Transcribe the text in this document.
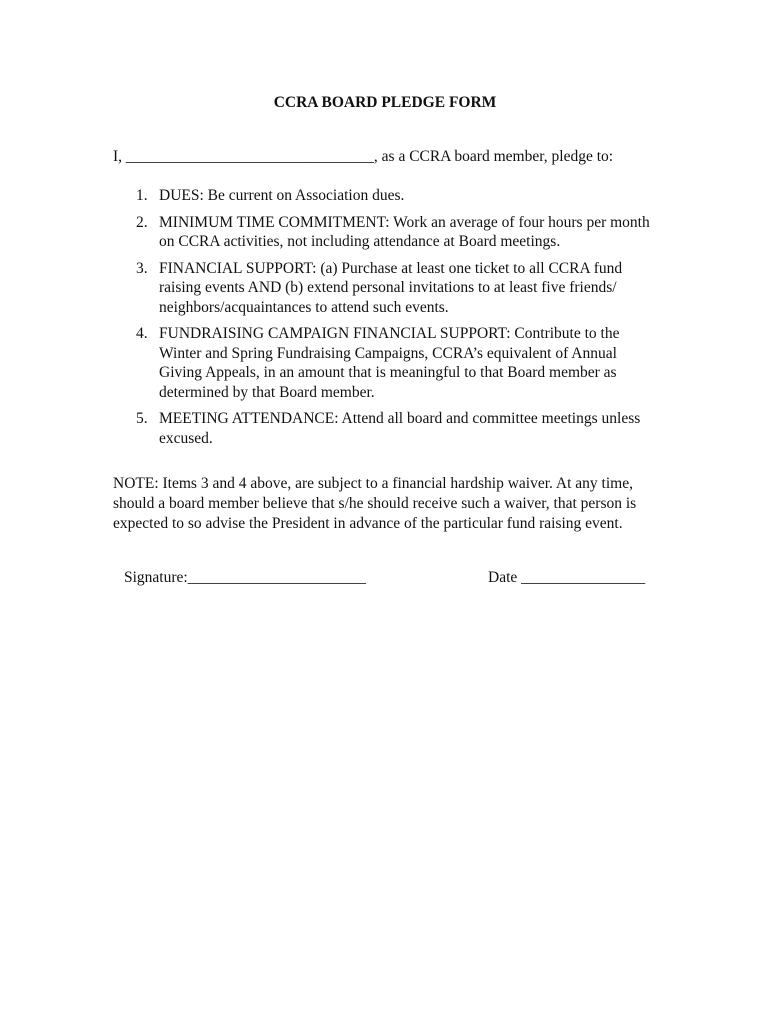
CCRA BOARD PLEDGE FORM
I, ________________________________, as a CCRA board member, pledge to:
1. DUES: Be current on Association dues.
2. MINIMUM TIME COMMITMENT: Work an average of four hours per month on CCRA activities, not including attendance at Board meetings.
3. FINANCIAL SUPPORT: (a) Purchase at least one ticket to all CCRA fund raising events AND (b) extend personal invitations to at least five friends/ neighbors/acquaintances to attend such events.
4. FUNDRAISING CAMPAIGN FINANCIAL SUPPORT: Contribute to the Winter and Spring Fundraising Campaigns, CCRA’s equivalent of Annual Giving Appeals, in an amount that is meaningful to that Board member as determined by that Board member.
5. MEETING ATTENDANCE: Attend all board and committee meetings unless excused.
NOTE: Items 3 and 4 above, are subject to a financial hardship waiver. At any time, should a board member believe that s/he should receive such a waiver, that person is expected to so advise the President in advance of the particular fund raising event.
Signature:_______________________	Date ________________
